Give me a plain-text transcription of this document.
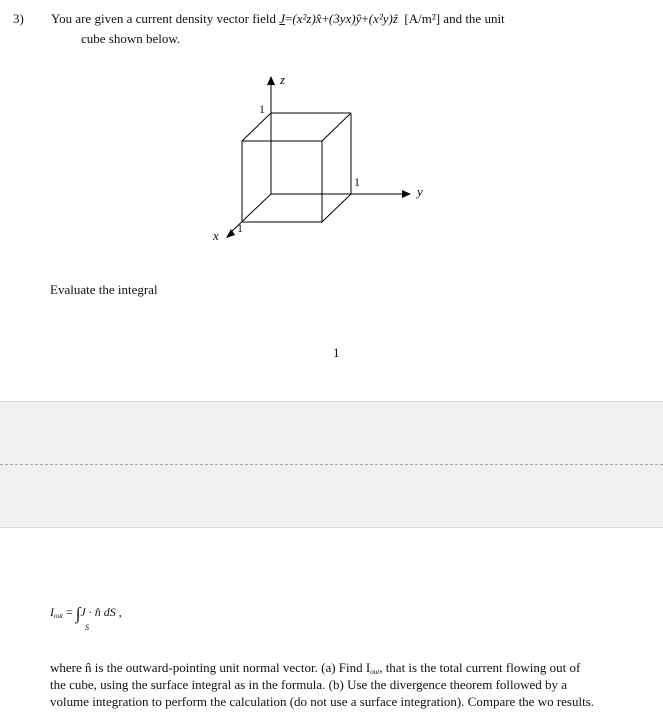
3) You are given a current density vector field J=(x²z)x̂+(3yx)ŷ+(x²y)ẑ [A/m²] and the unit
cube shown below.
z
y
x
1
1
1
Evaluate the integral
1
$I_{out} = \int J$ · n̂ dS ,
S
where n̂ is the outward-pointing unit normal vector. (a) Find $I_{out}$, that is the total current flowing out of
the cube, using the surface integral as in the formula. (b) Use the divergence theorem followed by a
volume integration to perform the calculation (do not use a surface integration). Compare the wo results.
